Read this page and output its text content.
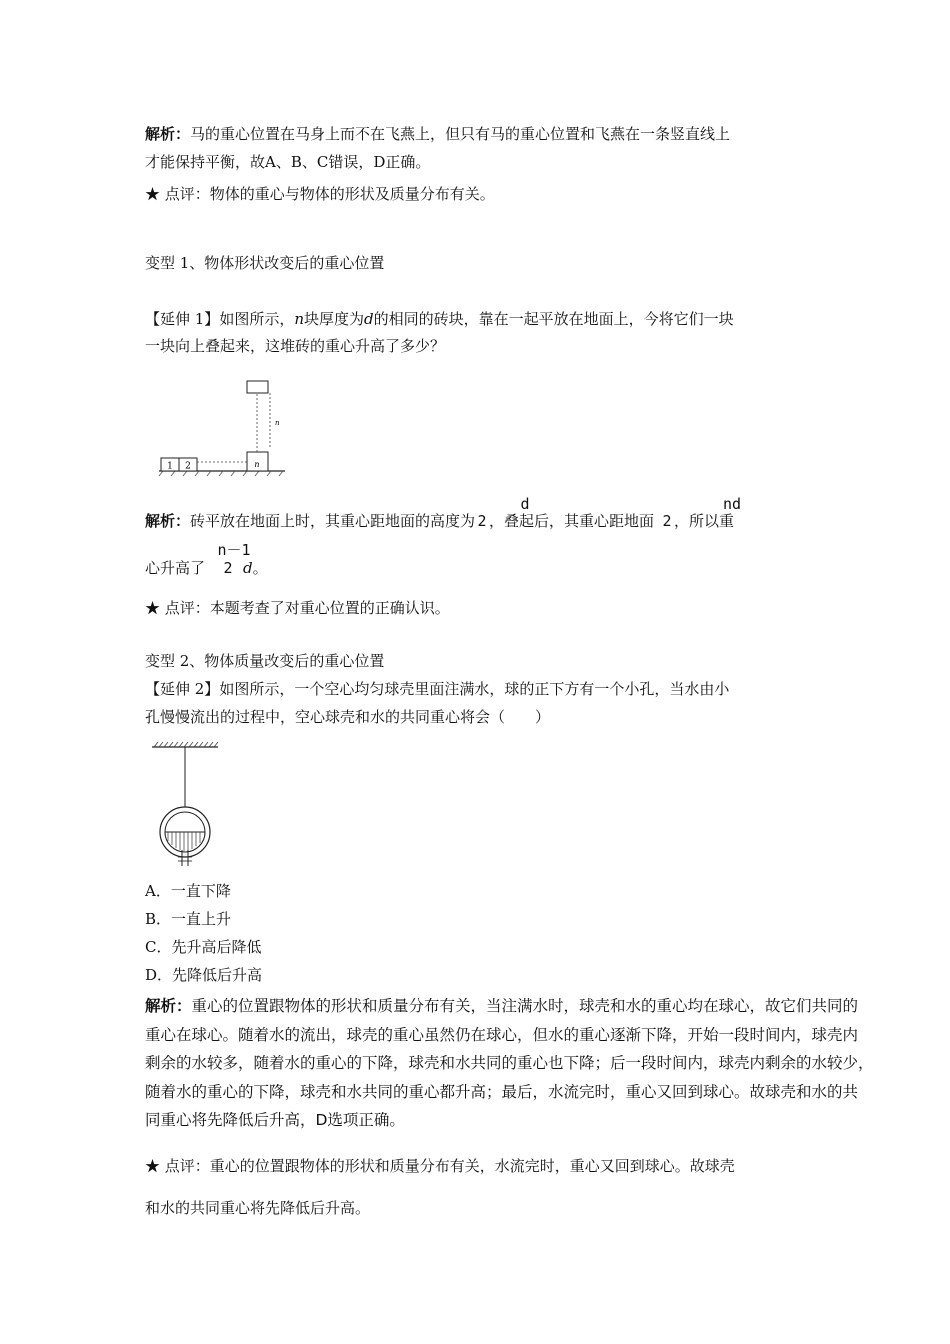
解析：马的重心位置在马身上而不在飞燕上，但只有马的重心位置和飞燕在一条竖直线上
才能保持平衡，故A、B、C错误，D正确。
★ 点评：物体的重心与物体的形状及质量分布有关。
变型 1、物体形状改变后的重心位置
【延伸 1】如图所示，n块厚度为d的相同的砖块，靠在一起平放在地面上，今将它们一块
一块向上叠起来，这堆砖的重心升高了多少？
1 2	n
n
d	nd
解析：砖平放在地面上时，其重心距地面的高度为 2 ，叠起后，其重心距地面 2 ，所以重
n－1
心升高了 2 d。
★ 点评：本题考查了对重心位置的正确认识。
变型 2、物体质量改变后的重心位置
【延伸 2】如图所示，一个空心均匀球壳里面注满水，球的正下方有一个小孔，当水由小
孔慢慢流出的过程中，空心球壳和水的共同重心将会（　　）
A．一直下降
B．一直上升
C．先升高后降低
D．先降低后升高
解析：重心的位置跟物体的形状和质量分布有关，当注满水时，球壳和水的重心均在球心，故它们共同的
重心在球心。随着水的流出，球壳的重心虽然仍在球心，但水的重心逐渐下降，开始一段时间内，球壳内
剩余的水较多，随着水的重心的下降，球壳和水共同的重心也下降；后一段时间内，球壳内剩余的水较少，
随着水的重心的下降，球壳和水共同的重心都升高；最后，水流完时，重心又回到球心。故球壳和水的共
同重心将先降低后升高，D选项正确。
★ 点评：重心的位置跟物体的形状和质量分布有关，水流完时，重心又回到球心。故球壳
和水的共同重心将先降低后升高。
